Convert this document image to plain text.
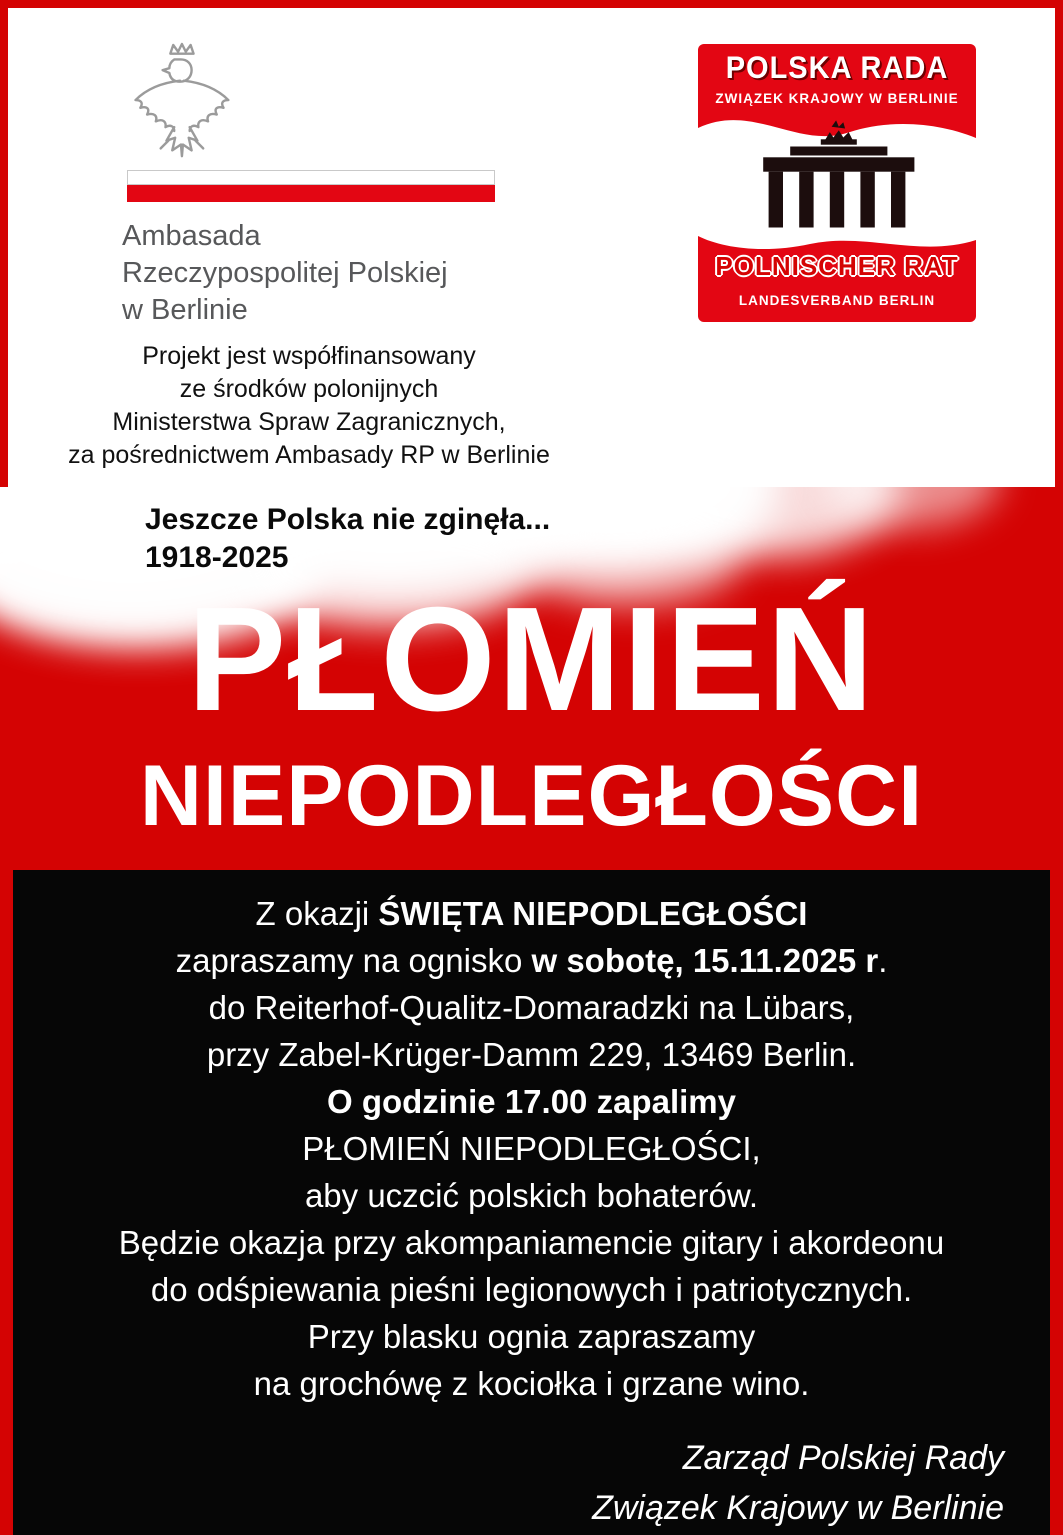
Ambasada
Rzeczypospolitej Polskiej
w Berlinie
Projekt jest współfinansowany
ze środków polonijnych
Ministerstwa Spraw Zagranicznych,
za pośrednictwem Ambasady RP w Berlinie
POLSKA RADA
ZWIĄZEK KRAJOWY W BERLINIE
POLNISCHER RAT
LANDESVERBAND BERLIN
Jeszcze Polska nie zginęła...
1918-2025
PŁOMIEŃ
NIEPODLEGŁOŚCI
Z okazji ŚWIĘTA NIEPODLEGŁOŚCI
zapraszamy na ognisko w sobotę, 15.11.2025 r.
do Reiterhof-Qualitz-Domaradzki na Lübars,
przy Zabel-Krüger-Damm 229, 13469 Berlin.
O godzinie 17.00 zapalimy
PŁOMIEŃ NIEPODLEGŁOŚCI,
aby uczcić polskich bohaterów.
Będzie okazja przy akompaniamencie gitary i akordeonu
do odśpiewania pieśni legionowych i patriotycznych.
Przy blasku ognia zapraszamy
na grochówę z kociołka i grzane wino.
Zarząd Polskiej Rady
Związek Krajowy w Berlinie
